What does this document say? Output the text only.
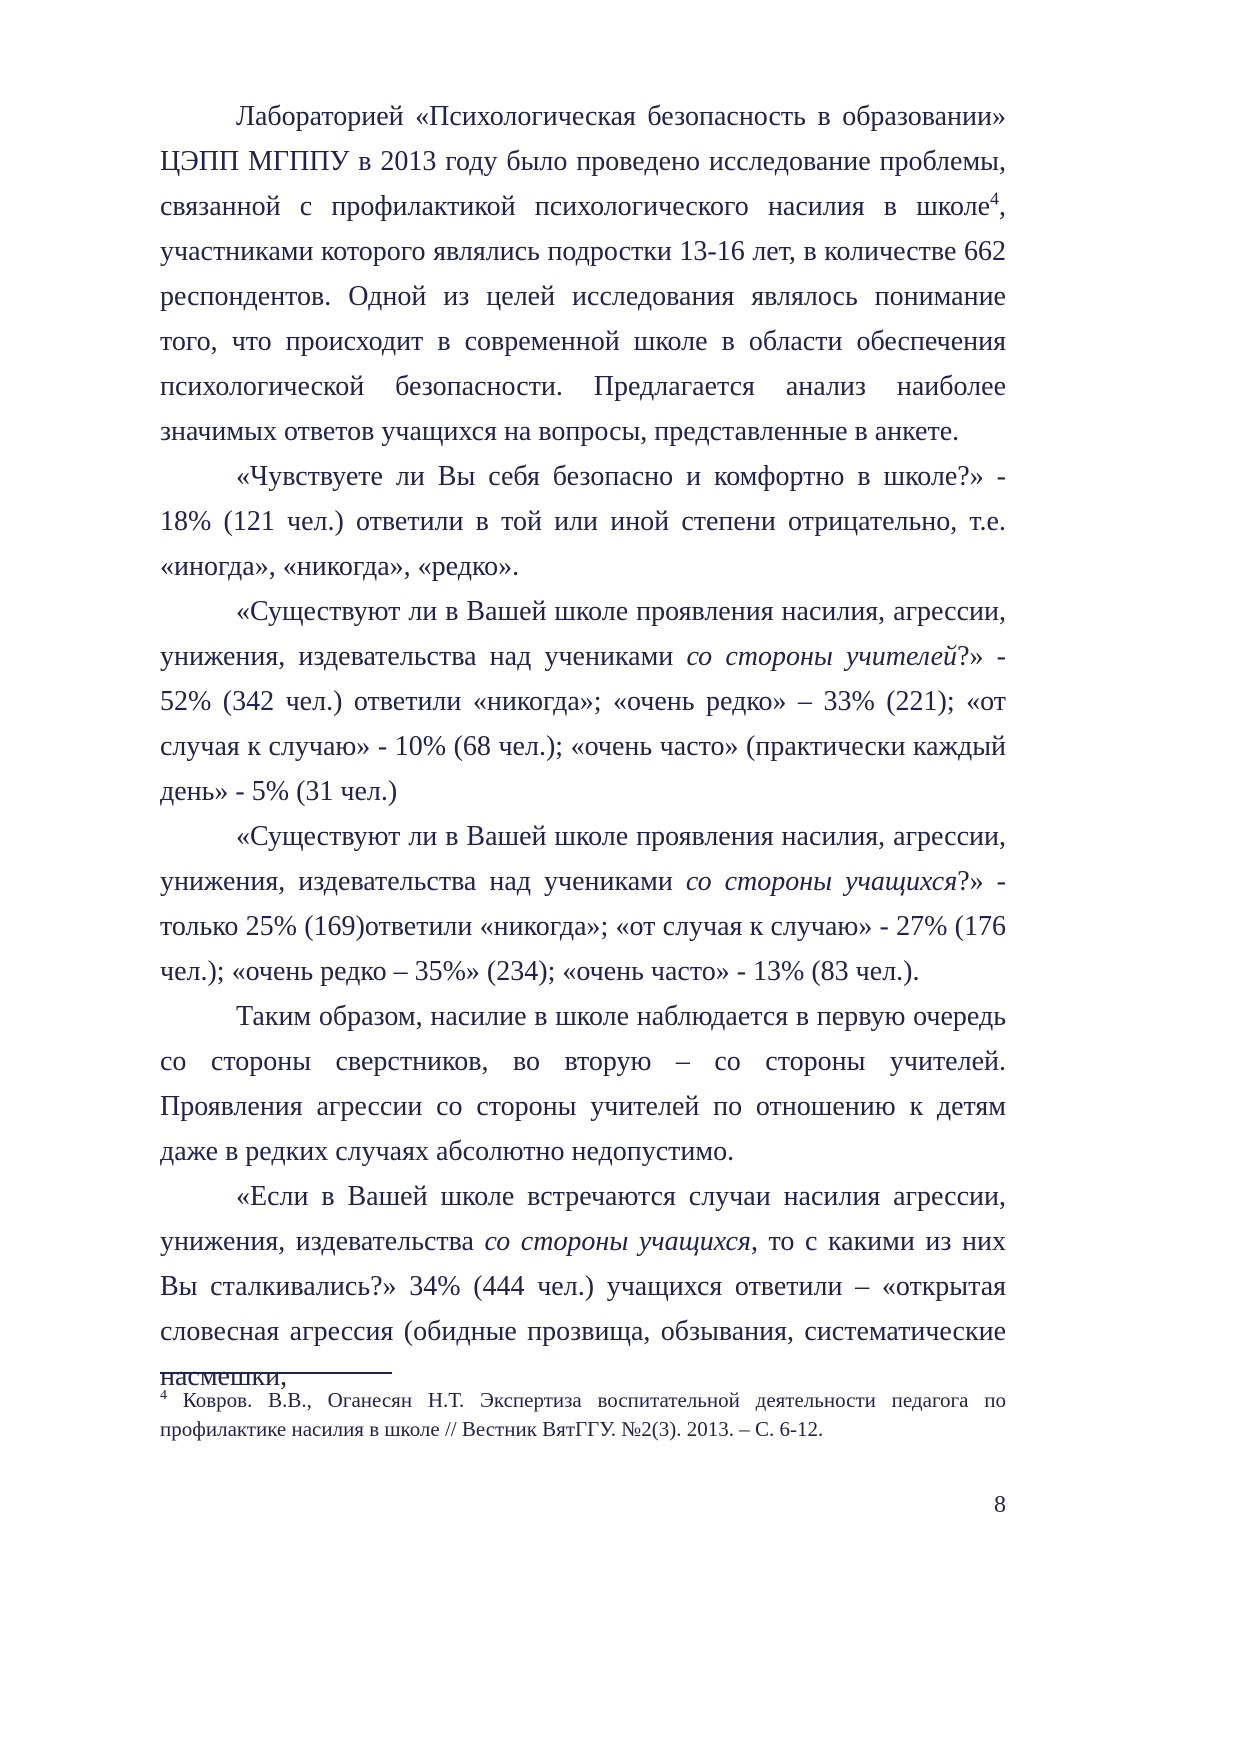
Лабораторией «Психологическая безопасность в образовании» ЦЭПП МГППУ в 2013 году было проведено исследование проблемы, связанной с профилактикой психологического насилия в школе$^4$, участниками которого являлись подростки 13-16 лет, в количестве 662 респондентов. Одной из целей исследования являлось понимание того, что происходит в современной школе в области обеспечения психологической безопасности. Предлагается анализ наиболее значимых ответов учащихся на вопросы, представленные в анкете.

«Чувствуете ли Вы себя безопасно и комфортно в школе?» - 18% (121 чел.) ответили в той или иной степени отрицательно, т.е. «иногда», «никогда», «редко».

«Существуют ли в Вашей школе проявления насилия, агрессии, унижения, издевательства над учениками со стороны учителей?» - 52% (342 чел.) ответили «никогда»; «очень редко» – 33% (221); «от случая к случаю» - 10% (68 чел.); «очень часто» (практически каждый день» - 5% (31 чел.)

«Существуют ли в Вашей школе проявления насилия, агрессии, унижения, издевательства над учениками со стороны учащихся?» - только 25% (169)ответили «никогда»; «от случая к случаю» - 27% (176 чел.); «очень редко – 35%» (234); «очень часто» - 13% (83 чел.).

Таким образом, насилие в школе наблюдается в первую очередь со стороны сверстников, во вторую – со стороны учителей. Проявления агрессии со стороны учителей по отношению к детям даже в редких случаях абсолютно недопустимо.

«Если в Вашей школе встречаются случаи насилия агрессии, унижения, издевательства со стороны учащихся, то с какими из них Вы сталкивались?» 34% (444 чел.) учащихся ответили – «открытая словесная агрессия (обидные прозвища, обзывания, систематические насмешки,

$^4$ Ковров. В.В., Оганесян Н.Т. Экспертиза воспитательной деятельности педагога по профилактике насилия в школе // Вестник ВятГГУ. №2(3). 2013. – С. 6-12.
8
